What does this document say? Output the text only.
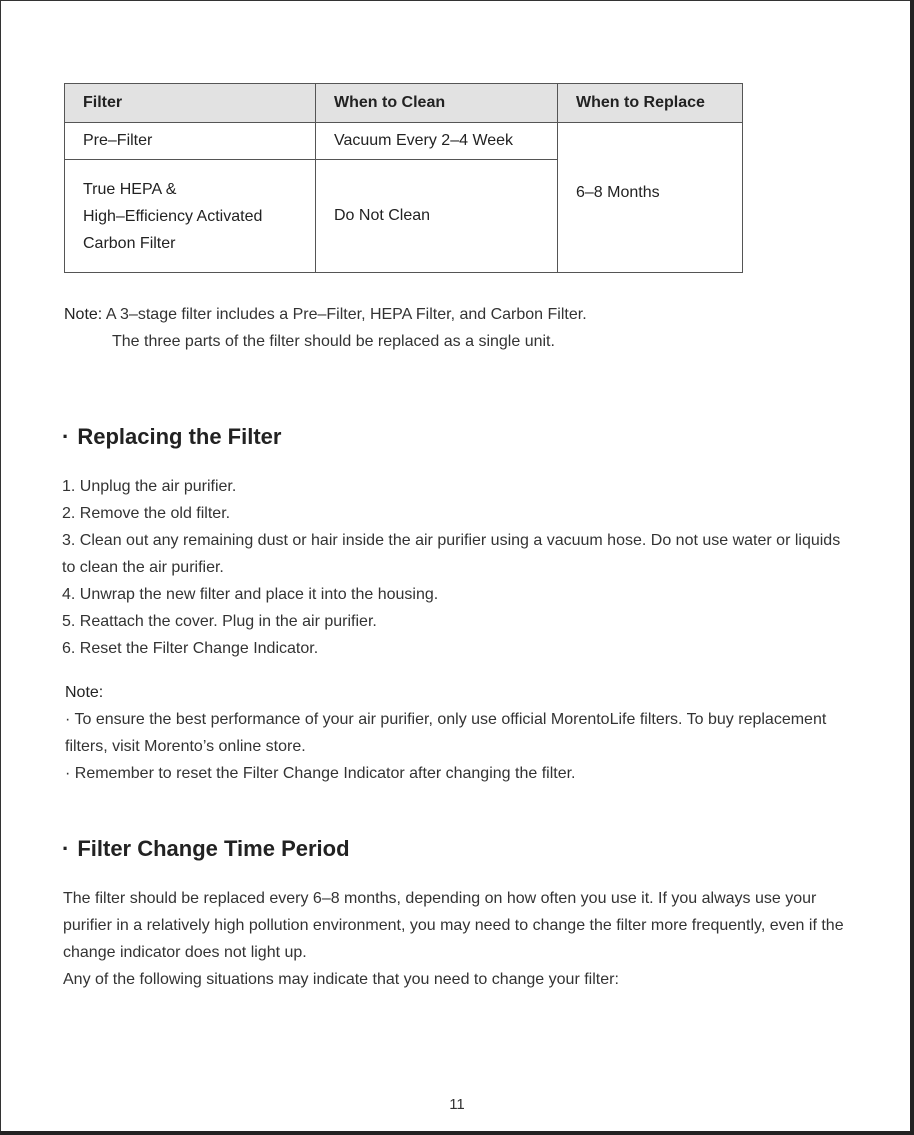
Filter	When to Clean	When to Replace
Pre–Filter	Vacuum Every 2–4 Week	6–8 Months

True HEPA &
High–Efficiency Activated
Carbon Filter	Do Not Clean	
Note: A 3–stage filter includes a Pre–Filter, HEPA Filter, and Carbon Filter.
The three parts of the filter should be replaced as a single unit.
· Replacing the Filter

1. Unplug the air purifier.

2. Remove the old filter.

3. Clean out any remaining dust or hair inside the air purifier using a vacuum hose. Do not use water or liquids to clean the air purifier.

4. Unwrap the new filter and place it into the housing.

5. Reattach the cover. Plug in the air purifier.

6. Reset the Filter Change Indicator.

Note:

· To ensure the best performance of your air purifier, only use official MorentoLife filters. To buy replacement filters, visit Morento’s online store.

· Remember to reset the Filter Change Indicator after changing the filter.

· Filter Change Time Period

The filter should be replaced every 6–8 months, depending on how often you use it. If you always use your purifier in a relatively high pollution environment, you may need to change the filter more frequently, even if the change indicator does not light up.

Any of the following situations may indicate that you need to change your filter:

11
